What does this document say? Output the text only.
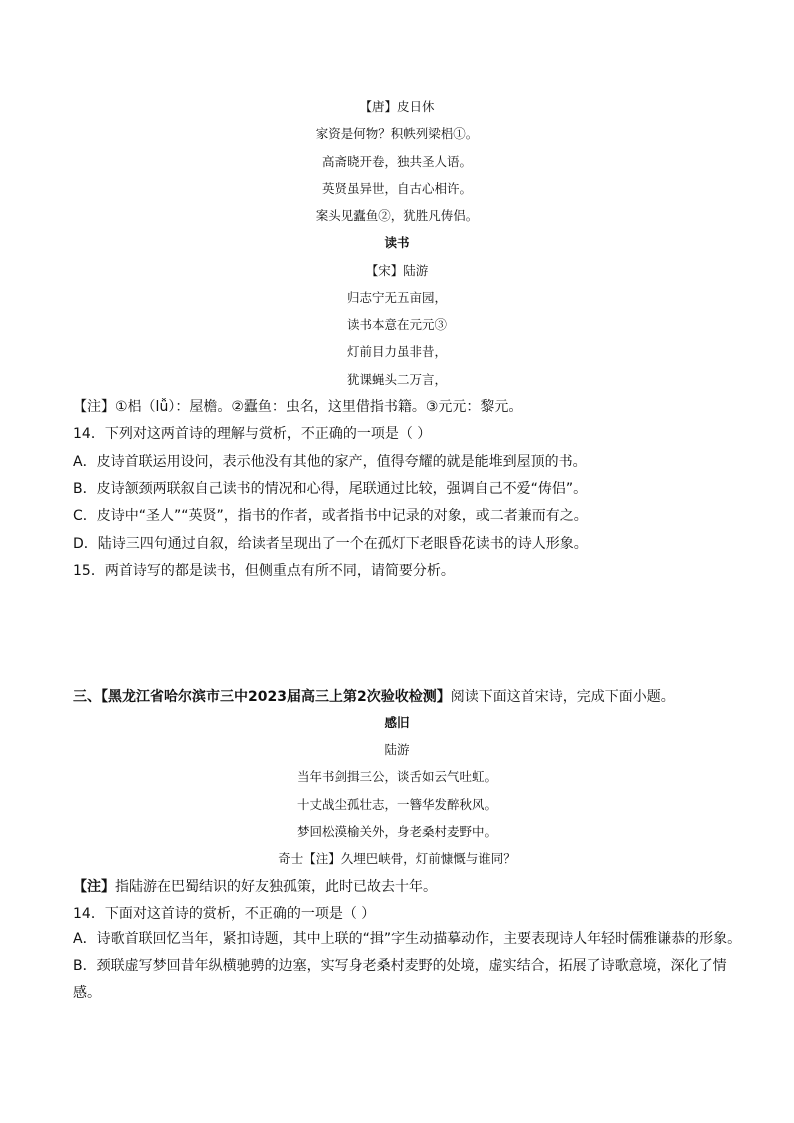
【唐】皮日休
家资是何物？积帙列梁梠①。
高斋晓开卷，独共圣人语。
英贤虽异世，自古心相许。
案头见蠹鱼②，犹胜凡俦侣。
读书
【宋】陆游
归志宁无五亩园，
读书本意在元元③
灯前目力虽非昔，
犹课蝇头二万言，
【注】①梠（lǚ）：屋檐。②蠹鱼：虫名，这里借指书籍。③元元：黎元。
14．下列对这两首诗的理解与赏析，不正确的一项是（ ）
A．皮诗首联运用设问，表示他没有其他的家产，值得夸耀的就是能堆到屋顶的书。
B．皮诗颔颈两联叙自己读书的情况和心得，尾联通过比较，强调自己不爱“俦侣”。
C．皮诗中“圣人”“英贤”，指书的作者，或者指书中记录的对象，或二者兼而有之。
D．陆诗三四句通过自叙，给读者呈现出了一个在孤灯下老眼昏花读书的诗人形象。
15．两首诗写的都是读书，但侧重点有所不同，请简要分析。
三、【黑龙江省哈尔滨市三中2023届高三上第2次验收检测】阅读下面这首宋诗，完成下面小题。
感旧
陆游
当年书剑揖三公，谈舌如云气吐虹。
十丈战尘孤壮志，一簪华发醉秋风。
梦回松漠榆关外，身老桑村麦野中。
奇士【注】久埋巴峡骨，灯前慷慨与谁同？
【注】指陆游在巴蜀结识的好友独孤策，此时已故去十年。
14．下面对这首诗的赏析，不正确的一项是（ ）
A．诗歌首联回忆当年，紧扣诗题，其中上联的“揖”字生动描摹动作，主要表现诗人年轻时儒雅谦恭的形象。
B．颈联虚写梦回昔年纵横驰骋的边塞，实写身老桑村麦野的处境，虚实结合，拓展了诗歌意境，深化了情感。
